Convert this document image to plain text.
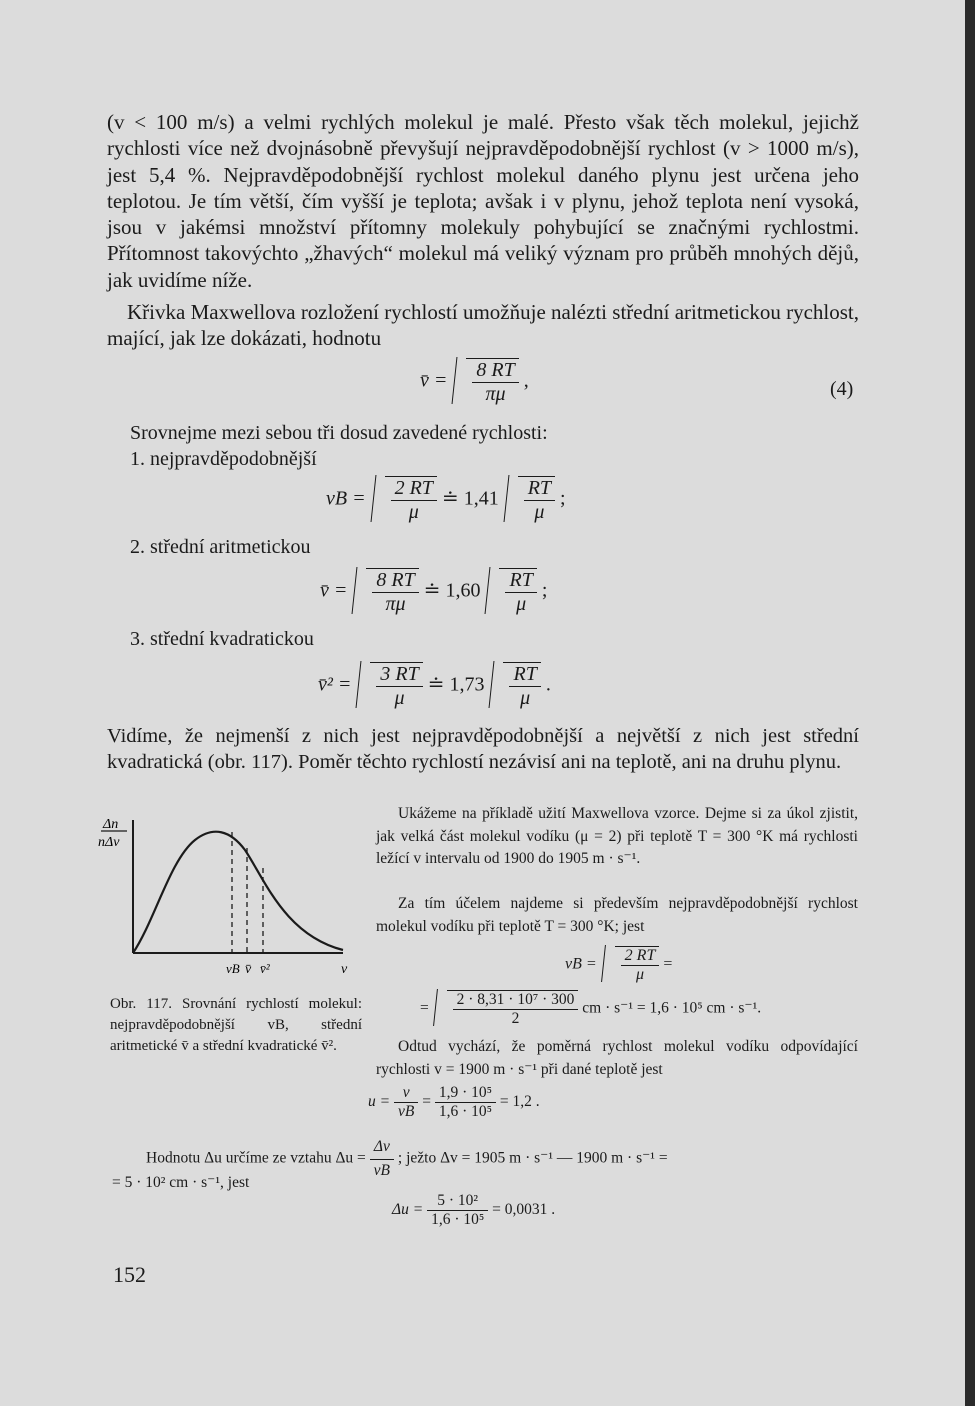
(v < 100 m/s) a velmi rychlých molekul je malé. Přesto však těch molekul, jejichž rychlosti více než dvojnásobně převyšují nejpravděpodobnější rychlost (v > 1000 m/s), jest 5,4 %. Nejpravděpodobnější rychlost molekul daného plynu jest určena jeho teplotou. Je tím větší, čím vyšší je teplota; avšak i v plynu, jehož teplota není vysoká, jsou v jakémsi množství přítomny molekuly pohybující se značnými rychlostmi. Přítomnost takovýchto „žhavých“ molekul má veliký význam pro průběh mnohých dějů, jak uvidíme níže.
Křivka Maxwellova rozložení rychlostí umožňuje nalézti střední aritmetickou rychlost, mající, jak lze dokázati, hodnotu
v̄ = $\frac{8 RT}{\pi\mu}$ ,	(4)
Srovnejme mezi sebou tři dosud zavedené rychlosti:
1. nejpravděpodobnější
vB = $\frac{2 RT}{\mu}$ ≐ $1,41 \frac{RT}{\mu}$ ;
2. střední aritmetickou
v̄ = $\frac{8 RT}{\pi\mu}$ ≐ $1,60 \frac{RT}{\mu}$ ;
3. střední kvadratickou
v̄² = $\frac{3 RT}{\mu}$ ≐ $1,73 \frac{RT}{\mu}$ .
Vidíme, že nejmenší z nich jest nejpravděpodobnější a největší z nich jest střední kvadratická (obr. 117). Poměr těchto rychlostí nezávisí ani na teplotě, ani na druhu plynu.
Δn
nΔv
vB v̄ v̄²	v
Obr. 117. Srovnání rychlostí molekul: nejpravděpodobnější vB, střední aritmetické v̄ a střední kvadratické v̄².
Ukážeme na příkladě užití Maxwellova vzorce. Dejme si za úkol zjistit, jak velká část molekul vodíku (μ = 2) při teplotě T = 300 °K má rychlosti ležící v intervalu od 1900 do 1905 m · s⁻¹.
Za tím účelem najdeme si především nejpravděpodobnější rychlost molekul vodíku při teplotě T = 300 °K; jest
vB = $\frac{2 RT}{\mu}$ =
= $\frac{\text{2 · 8,31 · 10⁷ · 300}}{2}$ cm · s⁻¹ = 1,6 · 10⁵ cm · s⁻¹.
Odtud vychází, že poměrná rychlost molekul vodíku odpovídající rychlosti v = 1900 m · s⁻¹ při dané teplotě jest
$u = \frac{v}{vB} = \frac{\text{1,9 · 10⁵}}{\text{1,6 · 10⁵}} = 1,2$ .
Hodnotu Δu určíme ze vztahu $\Delta u = \frac{\Delta v}{vB}$ ; ježto Δv = 1905 m · s⁻¹ — 1900 m · s⁻¹ =
= 5 · 10² cm · s⁻¹, jest
$\Delta u = \frac{\text{5 · 10²}}{\text{1,6 · 10⁵}} = 0,0031$ .
152
